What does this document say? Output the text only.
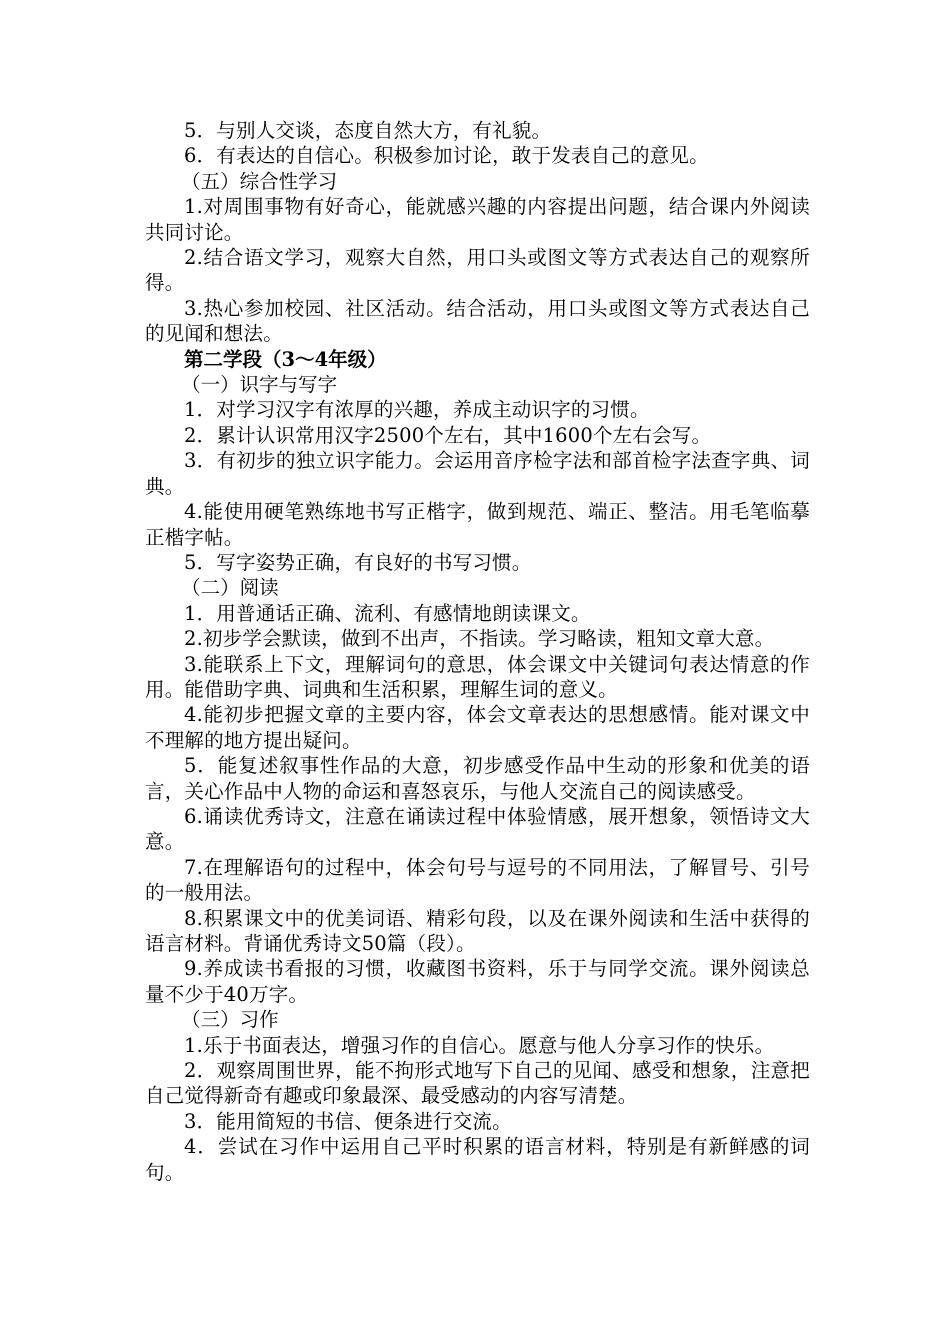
5．与别人交谈，态度自然大方，有礼貌。

6．有表达的自信心。积极参加讨论，敢于发表自己的意见。

（五）综合性学习

1.对周围事物有好奇心，能就感兴趣的内容提出问题，结合课内外阅读共同讨论。

2.结合语文学习，观察大自然，用口头或图文等方式表达自己的观察所得。

3.热心参加校园、社区活动。结合活动，用口头或图文等方式表达自己的见闻和想法。

第二学段（3～4年级）

（一）识字与写字

1．对学习汉字有浓厚的兴趣，养成主动识字的习惯。

2．累计认识常用汉字2500个左右，其中1600个左右会写。

3．有初步的独立识字能力。会运用音序检字法和部首检字法查字典、词典。

4.能使用硬笔熟练地书写正楷字，做到规范、端正、整洁。用毛笔临摹正楷字帖。

5．写字姿势正确，有良好的书写习惯。

（二）阅读

1．用普通话正确、流利、有感情地朗读课文。

2.初步学会默读，做到不出声，不指读。学习略读，粗知文章大意。

3.能联系上下文，理解词句的意思，体会课文中关键词句表达情意的作用。能借助字典、词典和生活积累，理解生词的意义。

4.能初步把握文章的主要内容，体会文章表达的思想感情。能对课文中不理解的地方提出疑问。

5．能复述叙事性作品的大意，初步感受作品中生动的形象和优美的语言，关心作品中人物的命运和喜怒哀乐，与他人交流自己的阅读感受。

6.诵读优秀诗文，注意在诵读过程中体验情感，展开想象，领悟诗文大意。

7.在理解语句的过程中，体会句号与逗号的不同用法，了解冒号、引号的一般用法。

8.积累课文中的优美词语、精彩句段，以及在课外阅读和生活中获得的语言材料。背诵优秀诗文50篇（段）。

9.养成读书看报的习惯，收藏图书资料，乐于与同学交流。课外阅读总量不少于40万字。

（三）习作

1.乐于书面表达，增强习作的自信心。愿意与他人分享习作的快乐。

2．观察周围世界，能不拘形式地写下自己的见闻、感受和想象，注意把自己觉得新奇有趣或印象最深、最受感动的内容写清楚。

3．能用简短的书信、便条进行交流。

4．尝试在习作中运用自己平时积累的语言材料，特别是有新鲜感的词句。
